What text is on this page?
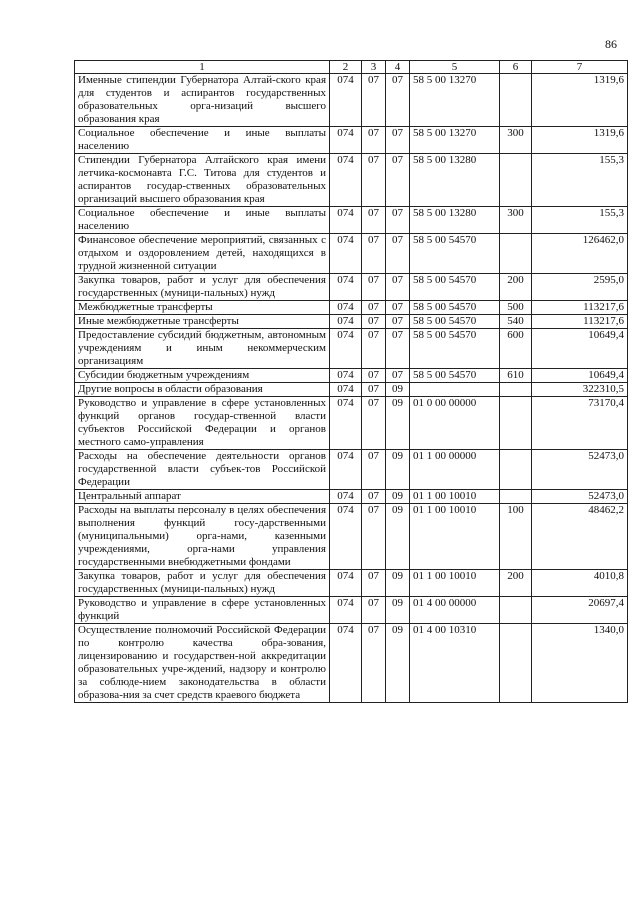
86
1	2	3	4	5	6	7
Именные стипендии Губернатора Алтай-ского края для студентов и аспирантов государственных образовательных орга-низаций высшего образования края	074	07	07	58 5 00 13270		1319,6
Социальное обеспечение и иные выплаты населению	074	07	07	58 5 00 13270	300	1319,6
Стипендии Губернатора Алтайского края имени летчика-космонавта Г.С. Титова для студентов и аспирантов государ-ственных образовательных организаций высшего образования края	074	07	07	58 5 00 13280		155,3
Социальное обеспечение и иные выплаты населению	074	07	07	58 5 00 13280	300	155,3
Финансовое обеспечение мероприятий, связанных с отдыхом и оздоровлением детей, находящихся в трудной жизненной ситуации	074	07	07	58 5 00 54570		126462,0
Закупка товаров, работ и услуг для обеспечения государственных (муници-пальных) нужд	074	07	07	58 5 00 54570	200	2595,0
Межбюджетные трансферты	074	07	07	58 5 00 54570	500	113217,6
Иные межбюджетные трансферты	074	07	07	58 5 00 54570	540	113217,6
Предоставление субсидий бюджетным, автономным учреждениям и иным некоммерческим организациям	074	07	07	58 5 00 54570	600	10649,4
Субсидии бюджетным учреждениям	074	07	07	58 5 00 54570	610	10649,4
Другие вопросы в области образования	074	07	09			322310,5
Руководство и управление в сфере установленных функций органов государ-ственной власти субъектов Российской Федерации и органов местного само-управления	074	07	09	01 0 00 00000		73170,4
Расходы на обеспечение деятельности органов государственной власти субъек-тов Российской Федерации	074	07	09	01 1 00 00000		52473,0
Центральный аппарат	074	07	09	01 1 00 10010		52473,0
Расходы на выплаты персоналу в целях обеспечения выполнения функций госу-дарственными (муниципальными) орга-нами, казенными учреждениями, орга-нами управления государственными внебюджетными фондами	074	07	09	01 1 00 10010	100	48462,2
Закупка товаров, работ и услуг для обеспечения государственных (муници-пальных) нужд	074	07	09	01 1 00 10010	200	4010,8
Руководство и управление в сфере установленных функций	074	07	09	01 4 00 00000		20697,4
Осуществление полномочий Российской Федерации по контролю качества обра-зования, лицензированию и государствен-ной аккредитации образовательных учре-ждений, надзору и контролю за соблюде-нием законодательства в области образова-ния за счет средств краевого бюджета	074	07	09	01 4 00 10310		1340,0
